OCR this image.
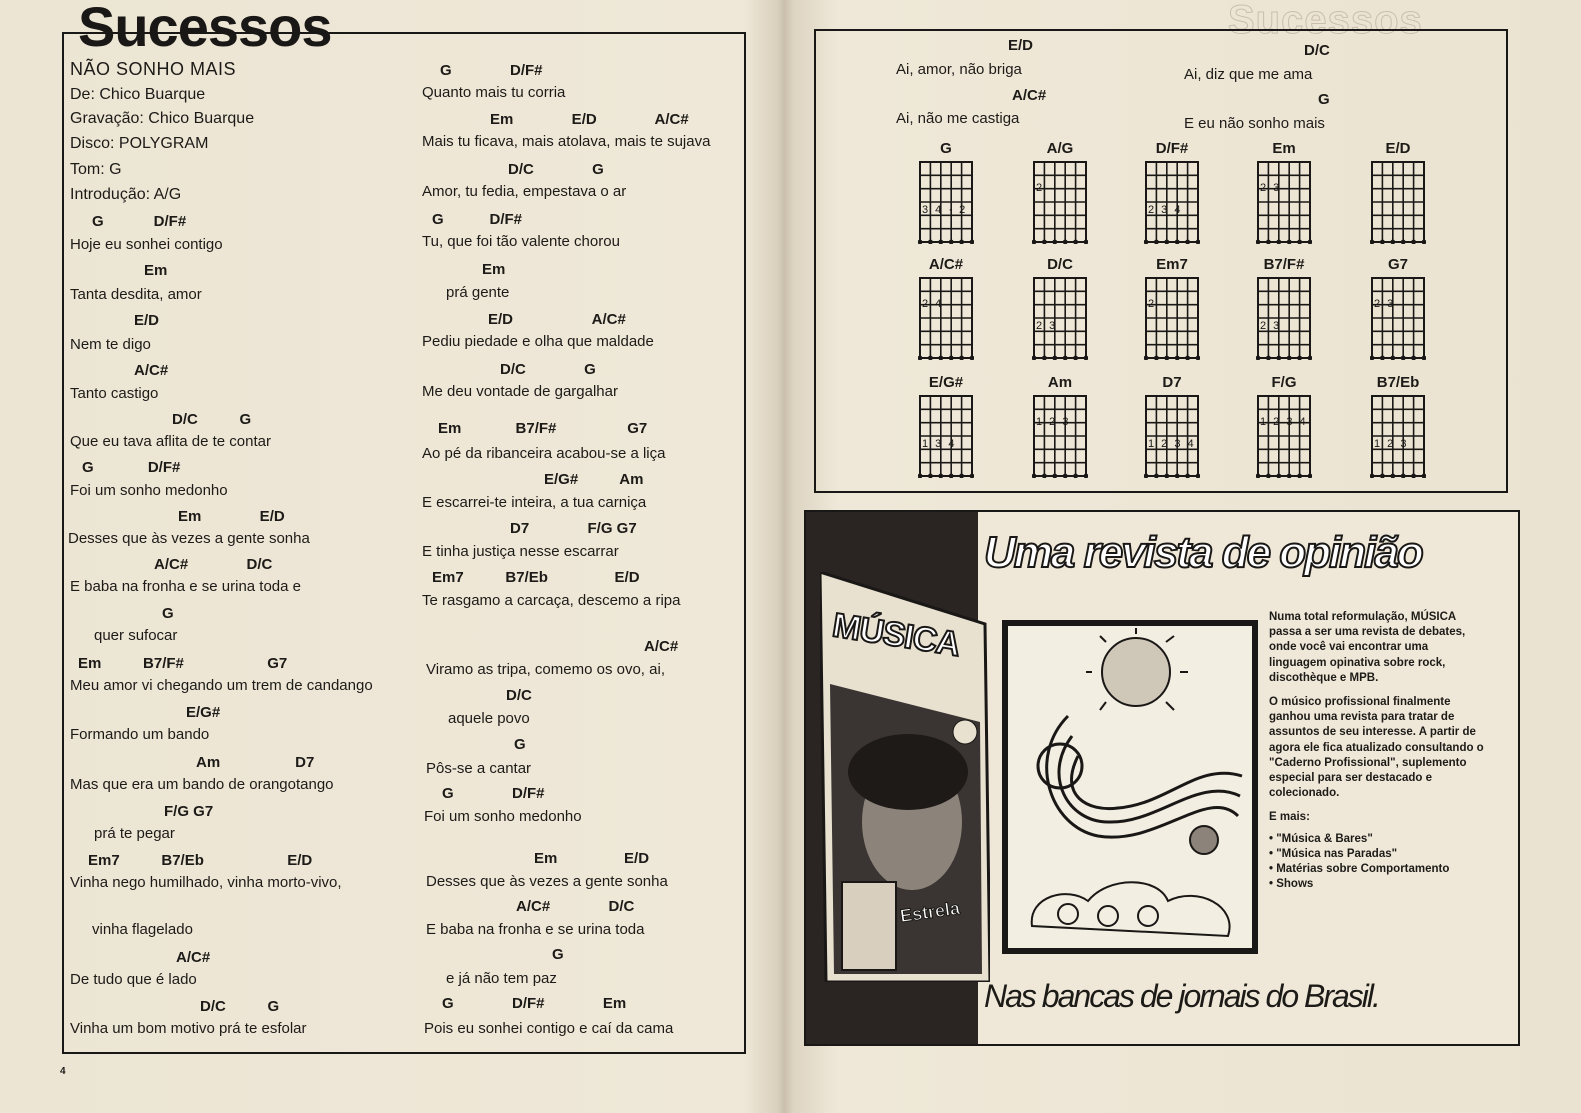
Sucessos
NÃO SONHO MAIS
De: Chico Buarque
Gravação: Chico Buarque
Disco: POLYGRAM
Tom: G
Introdução: A/G
G            D/F#
Hoje eu sonhei contigo
Em
Tanta desdita, amor
E/D
Nem te digo
A/C#
Tanto castigo
D/C          G
Que eu tava aflita de te contar
G             D/F#
Foi um sonho medonho
Em              E/D
Desses que às vezes a gente sonha
A/C#              D/C
E baba na fronha e se urina toda e
G
quer sufocar
Em          B7/F#                    G7
Meu amor vi chegando um trem de candango
E/G#
Formando um bando
Am                  D7
Mas que era um bando de orangotango
F/G G7
prá te pegar
Em7          B7/Eb                    E/D
Vinha nego humilhado, vinha morto-vivo,
vinha flagelado
A/C#
De tudo que é lado
D/C          G
Vinha um bom motivo prá te esfolar
G              D/F#
Quanto mais tu corria
Em              E/D              A/C#
Mais tu ficava, mais atolava, mais te sujava
D/C              G
Amor, tu fedia, empestava o ar
G           D/F#
Tu, que foi tão valente chorou
Em
prá gente
E/D                   A/C#
Pediu piedade e olha que maldade
D/C              G
Me deu vontade de gargalhar
Em             B7/F#                 G7
Ao pé da ribanceira acabou-se a liça
E/G#          Am
E escarrei-te inteira, a tua carniça
D7              F/G G7
E tinha justiça nesse escarrar
Em7          B7/Eb                E/D
Te rasgamo a carcaça, descemo a ripa
A/C#
Viramo as tripa, comemo os ovo, ai,
D/C
aquele povo
G
Pôs-se a cantar
G              D/F#
Foi um sonho medonho
Em                E/D
Desses que às vezes a gente sonha
A/C#              D/C
E baba na fronha e se urina toda
G
e já não tem paz
G              D/F#              Em
Pois eu sonhei contigo e caí da cama
4
Sucessos
E/D
Ai, amor, não briga
A/C#
Ai, não me castiga
D/C
Ai, diz que me ama
G
E eu não sonho mais
G
3 4 · 2
A/G
2
D/F#
2 3 4
Em
2 3
E/D
A/C#
2 4
D/C
2 3
Em7
2
B7/F#
2 3
G7
2 3
E/G#
1 3 4
Am
1 2 3
D7
1 2 3 4
F/G
1 2 3 4
B7/Eb
1 2 3
Uma revista de opinião
MÚSICA
Estrela

Numa total reformulação, MÚSICA passa a ser uma revista de debates, onde você vai encontrar uma linguagem opinativa sobre rock, discothèque e MPB.

O músico profissional finalmente ganhou uma revista para tratar de assuntos de seu interesse. A partir de agora ele fica atualizado consultando o "Caderno Profissional", suplemento especial para ser destacado e colecionado.

E mais:

• "Música & Bares"
• "Música nas Paradas"
• Matérias sobre Comportamento
• Shows
Nas bancas de jornais do Brasil.
